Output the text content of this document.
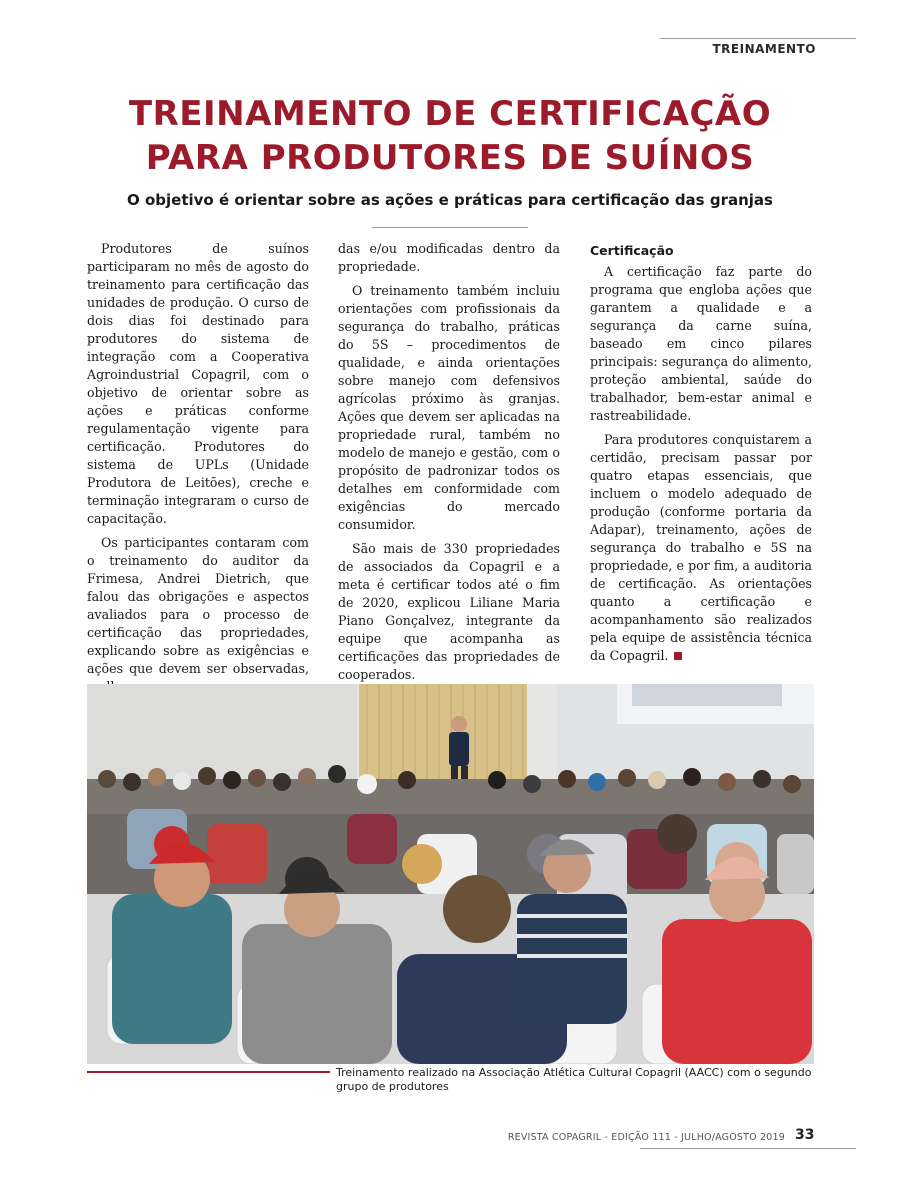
TREINAMENTO
TREINAMENTO DE CERTIFICAÇÃO
PARA PRODUTORES DE SUÍNOS

O objetivo é orientar sobre as ações e práticas para certificação das granjas

Produtores de suínos participaram no mês de agosto do treinamento para certificação das unidades de produção. O curso de dois dias foi destinado para produtores do sistema de integração com a Cooperativa Agroindustrial Copagril, com o objetivo de orientar sobre as ações e práticas conforme regulamentação vigente para certificação. Produtores do sistema de UPLs (Unidade Produtora de Leitões), creche e terminação integraram o curso de capacitação.

Os participantes contaram com o treinamento do auditor da Frimesa, Andrei Dietrich, que falou das obrigações e aspectos avaliados para o processo de certificação das propriedades, explicando sobre as exigências e ações que devem ser observadas,

das e/ou modificadas dentro da propriedade.

O treinamento também incluiu orientações com profissionais da segurança do trabalho, práticas do 5S – procedimentos de qualidade, e ainda orientações sobre manejo com defensivos agrícolas próximo às granjas. Ações que devem ser aplicadas na propriedade rural, também no modelo de manejo e gestão, com o propósito de padronizar todos os detalhes em conformidade com exigências do mercado consumidor.

São mais de 330 propriedades de associados da Copagril e a meta é certificar todos até o fim de 2020, explicou Liliane Maria Piano Gonçalvez, integrante da equipe que acompanha as certificações das propriedades de cooperados.

Certificação

A certificação faz parte do programa que engloba ações que garantem a qualidade e a segurança da carne suína, baseado em cinco pilares principais: segurança do alimento, proteção ambiental, saúde do trabalhador, bem-estar animal e rastreabilidade.

Para produtores conquistarem a certidão, precisam passar por quatro etapas essenciais, que incluem o modelo adequado de produção (conforme portaria da Adapar), treinamento, ações de segurança do trabalho e 5S na propriedade, e por fim, a auditoria de certificação. As orientações quanto a certificação e acompanhamento são realizados pela equipe de assistência técnica da Copagril.

Treinamento realizado na Associação Atlética Cultural Copagril (AACC) com o segundo grupo de produtores

REVISTA COPAGRIL - EDIÇÃO 111 - JULHO/AGOSTO 2019 33
